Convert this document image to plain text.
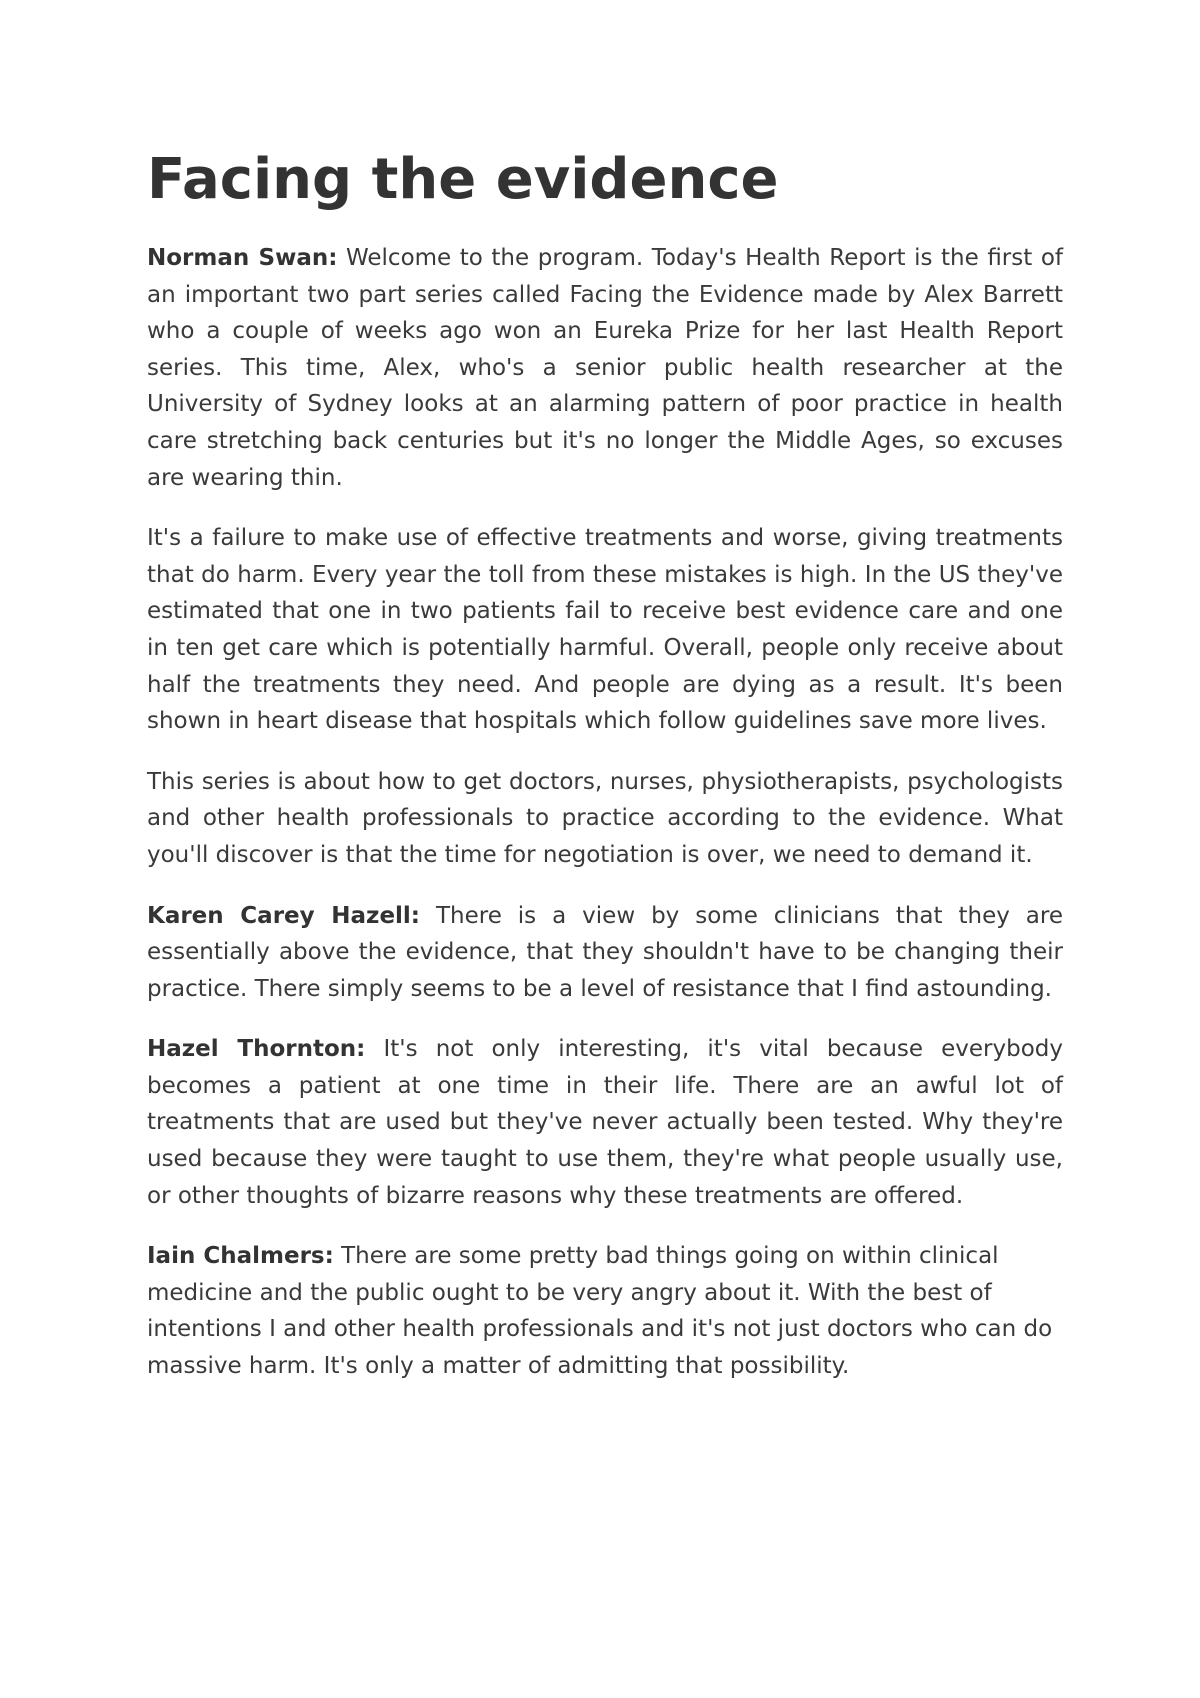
Facing the evidence

Norman Swan: Welcome to the program. Today's Health Report is the first of an important two part series called Facing the Evidence made by Alex Barrett who a couple of weeks ago won an Eureka Prize for her last Health Report series. This time, Alex, who's a senior public health researcher at the University of Sydney looks at an alarming pattern of poor practice in health care stretching back centuries but it's no longer the Middle Ages, so excuses are wearing thin.

It's a failure to make use of effective treatments and worse, giving treatments that do harm. Every year the toll from these mistakes is high. In the US they've estimated that one in two patients fail to receive best evidence care and one in ten get care which is potentially harmful. Overall, people only receive about half the treatments they need. And people are dying as a result. It's been shown in heart disease that hospitals which follow guidelines save more lives.

This series is about how to get doctors, nurses, physiotherapists, psychologists and other health professionals to practice according to the evidence. What you'll discover is that the time for negotiation is over, we need to demand it.

Karen Carey Hazell: There is a view by some clinicians that they are essentially above the evidence, that they shouldn't have to be changing their practice. There simply seems to be a level of resistance that I find astounding.

Hazel Thornton: It's not only interesting, it's vital because everybody becomes a patient at one time in their life. There are an awful lot of treatments that are used but they've never actually been tested. Why they're used because they were taught to use them, they're what people usually use, or other thoughts of bizarre reasons why these treatments are offered.

Iain Chalmers: There are some pretty bad things going on within clinical medicine and the public ought to be very angry about it. With the best of intentions I and other health professionals and it's not just doctors who can do massive harm. It's only a matter of admitting that possibility.
